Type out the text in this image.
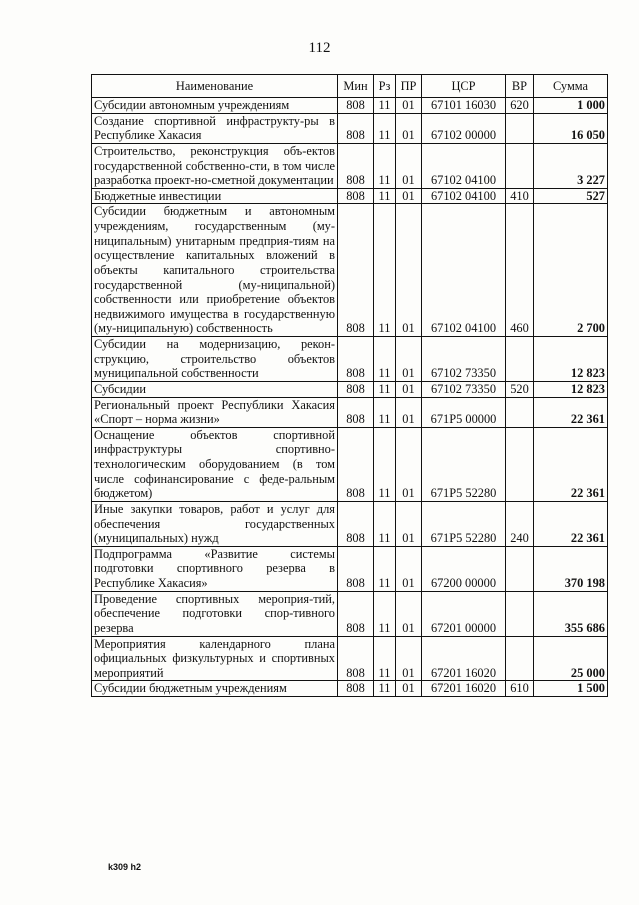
112
Наименование	Мин	Рз	ПР	ЦСР	ВР	Сумма
Субсидии автономным учреждениям	808	11	01	67101 16030	620	1 000
Создание спортивной инфраструкту-ры в Республике Хакасия	808	11	01	67102 00000		16 050
Строительство, реконструкция объ-ектов государственной собственно-сти, в том числе разработка проект-но-сметной документации	808	11	01	67102 04100		3 227
Бюджетные инвестиции	808	11	01	67102 04100	410	527
Субсидии бюджетным и автономным учреждениям, государственным (му-ниципальным) унитарным предприя-тиям на осуществление капитальных вложений в объекты капитального строительства государственной (му-ниципальной) собственности или приобретение объектов недвижимого имущества в государственную (му-ниципальную) собственность	808	11	01	67102 04100	460	2 700
Субсидии на модернизацию, рекон-струкцию, строительство объектов муниципальной собственности	808	11	01	67102 73350		12 823
Субсидии	808	11	01	67102 73350	520	12 823
Региональный проект Республики Хакасия «Спорт – норма жизни»	808	11	01	671P5 00000		22 361
Оснащение объектов спортивной инфраструктуры спортивно-технологическим оборудованием (в том числе софинансирование с феде-ральным бюджетом)	808	11	01	671P5 52280		22 361
Иные закупки товаров, работ и услуг для обеспечения государственных (муниципальных) нужд	808	11	01	671P5 52280	240	22 361
Подпрограмма «Развитие системы подготовки спортивного резерва в Республике Хакасия»	808	11	01	67200 00000		370 198
Проведение спортивных мероприя-тий, обеспечение подготовки спор-тивного резерва	808	11	01	67201 00000		355 686
Мероприятия календарного плана официальных физкультурных и спортивных мероприятий	808	11	01	67201 16020		25 000
Субсидии бюджетным учреждениям	808	11	01	67201 16020	610	1 500
k309 h2
